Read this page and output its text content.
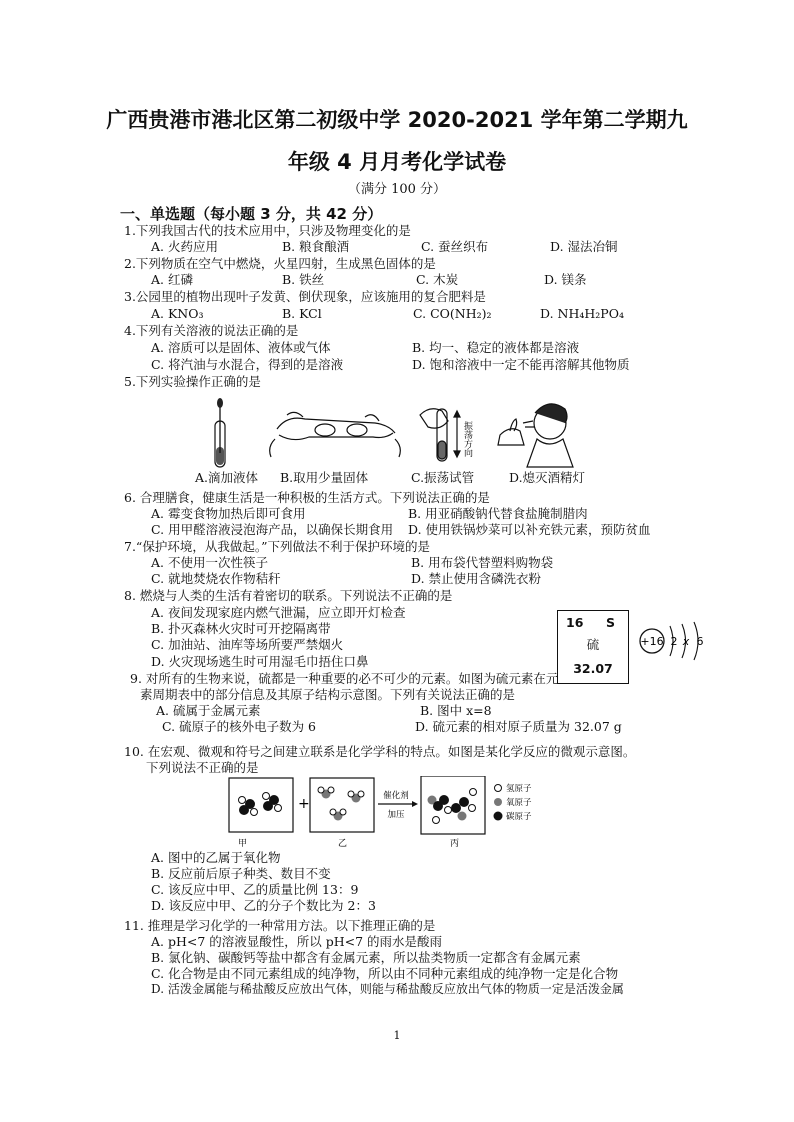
广西贵港市港北区第二初级中学 2020-2021 学年第二学期九
年级 4 月月考化学试卷
（满分 100 分）
一、单选题（每小题 3 分，共 42 分）
1.下列我国古代的技术应用中，只涉及物理变化的是
A. 火药应用	B. 粮食酿酒	C. 蚕丝织布	D. 湿法冶铜
2.下列物质在空气中燃烧，火星四射，生成黑色固体的是
A. 红磷	B. 铁丝	C. 木炭	D. 镁条
3.公园里的植物出现叶子发黄、倒伏现象，应该施用的复合肥料是
A. KNO₃	B. KCl	C. CO(NH₂)₂	D. NH₄H₂PO₄
4.下列有关溶液的说法正确的是
A. 溶质可以是固体、液体或气体	B. 均一、稳定的液体都是溶液
C. 将汽油与水混合，得到的是溶液	D. 饱和溶液中一定不能再溶解其他物质
5.下列实验操作正确的是
振荡方向
A.滴加液体 B.取用少量固体	C.振荡试管	D.熄灭酒精灯
6. 合理膳食，健康生活是一种积极的生活方式。下列说法正确的是
A. 霉变食物加热后即可食用	B. 用亚硝酸钠代替食盐腌制腊肉
C. 用甲醛溶液浸泡海产品，以确保长期食用 D. 使用铁锅炒菜可以补充铁元素，预防贫血
7.“保护环境，从我做起。”下列做法不利于保护环境的是
A. 不使用一次性筷子	B. 用布袋代替塑料购物袋
C. 就地焚烧农作物秸秆	D. 禁止使用含磷洗衣粉
8. 燃烧与人类的生活有着密切的联系。下列说法不正确的是
A. 夜间发现家庭内燃气泄漏，应立即开灯检查
B. 扑灭森林火灾时可开挖隔离带
C. 加油站、油库等场所要严禁烟火
D. 火灾现场逃生时可用湿毛巾捂住口鼻
16 S
硫
32.07
+16 2 x 6
9. 对所有的生物来说，硫都是一种重要的必不可少的元素。如图为硫元素在元
素周期表中的部分信息及其原子结构示意图。下列有关说法正确的是
A. 硫属于金属元素	B. 图中 x=8
C. 硫原子的核外电子数为 6	D. 硫元素的相对原子质量为 32.07 g
10. 在宏观、微观和符号之间建立联系是化学学科的特点。如图是某化学反应的微观示意图。
下列说法不正确的是
+	催化剂
加压
氢原子
氧原子
碳原子
甲	乙	丙
A. 图中的乙属于氧化物
B. 反应前后原子种类、数目不变
C. 该反应中甲、乙的质量比例 13：9
D. 该反应中甲、乙的分子个数比为 2：3
11. 推理是学习化学的一种常用方法。以下推理正确的是
A. pH<7 的溶液显酸性，所以 pH<7 的雨水是酸雨
B. 氯化钠、碳酸钙等盐中都含有金属元素，所以盐类物质一定都含有金属元素
C. 化合物是由不同元素组成的纯净物，所以由不同种元素组成的纯净物一定是化合物
D. 活泼金属能与稀盐酸反应放出气体，则能与稀盐酸反应放出气体的物质一定是活泼金属
1
